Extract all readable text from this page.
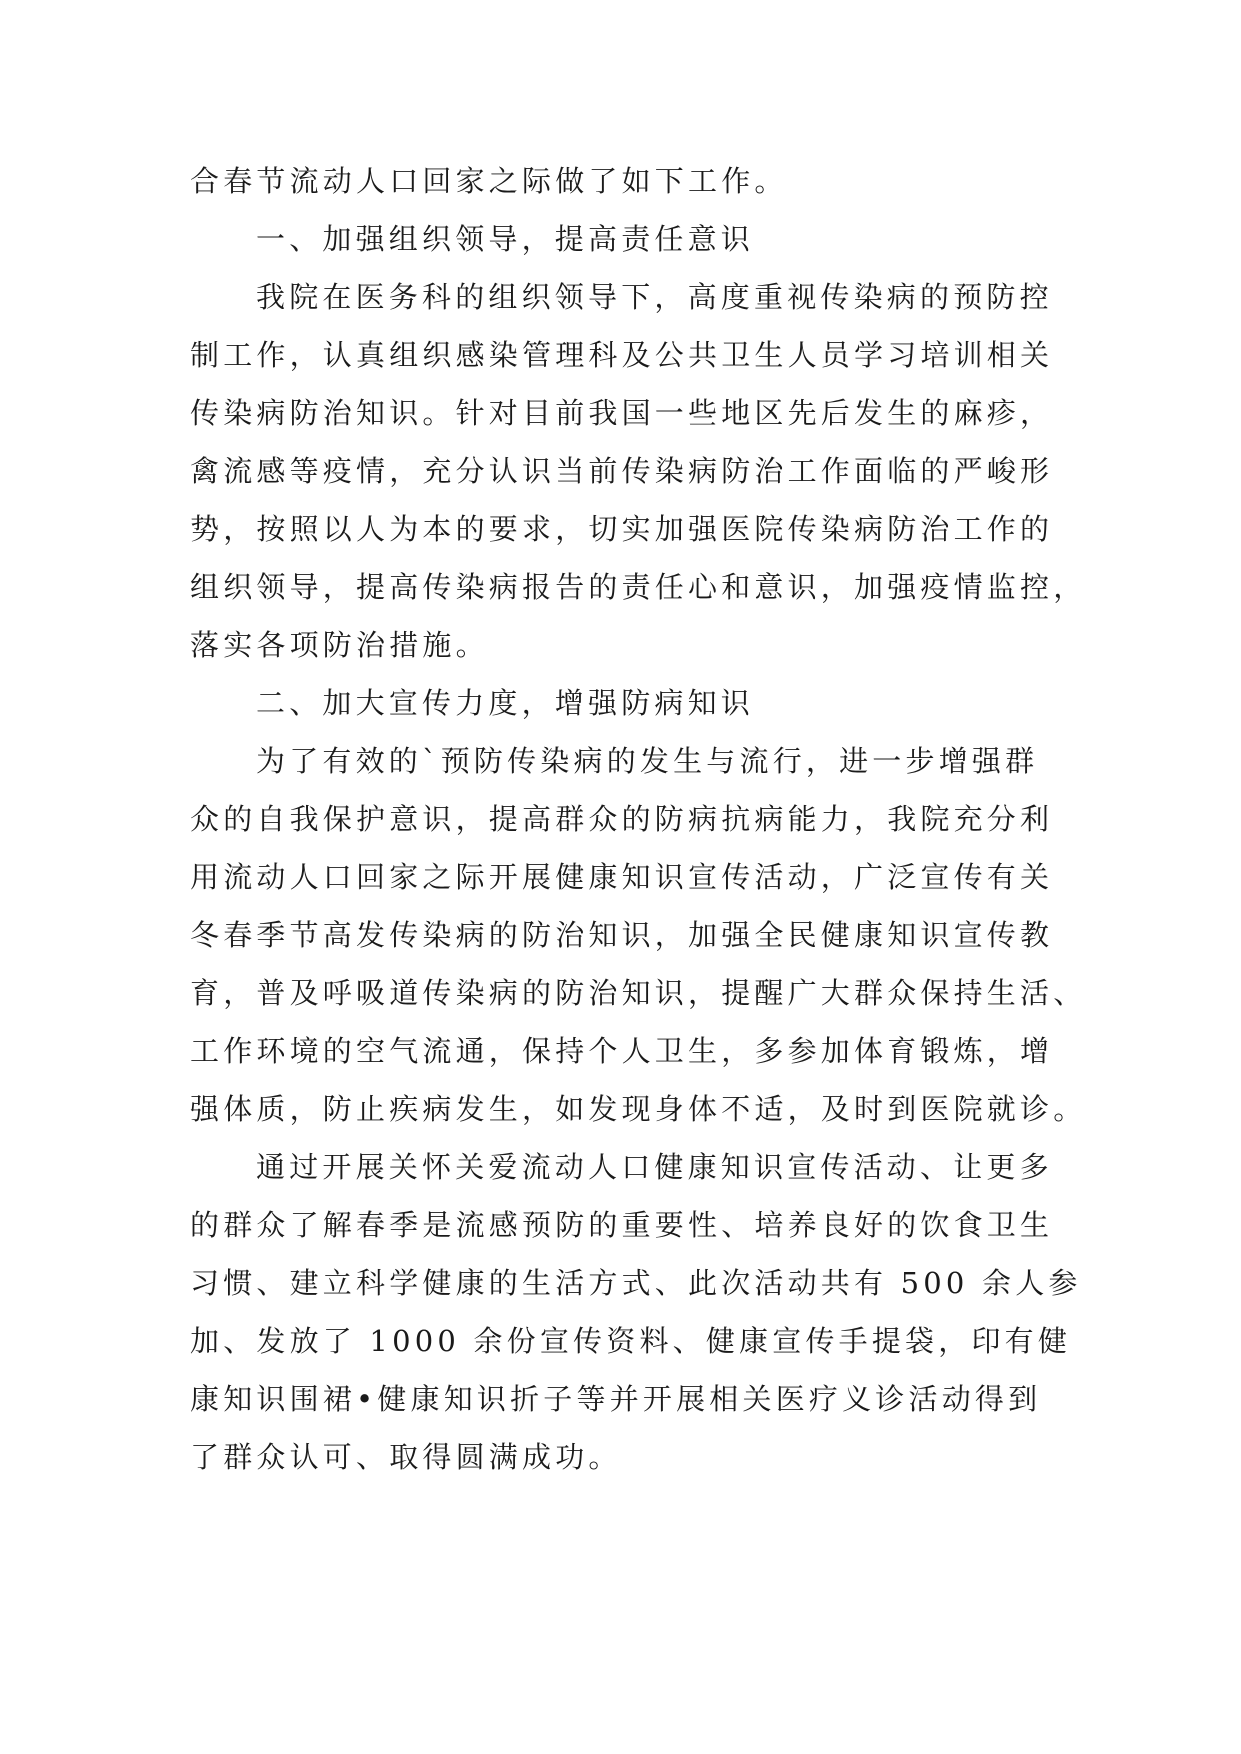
合春节流动人口回家之际做了如下工作。
一、加强组织领导，提高责任意识
我院在医务科的组织领导下，高度重视传染病的预防控
制工作，认真组织感染管理科及公共卫生人员学习培训相关
传染病防治知识。针对目前我国一些地区先后发生的麻疹，
禽流感等疫情，充分认识当前传染病防治工作面临的严峻形
势，按照以人为本的要求，切实加强医院传染病防治工作的
组织领导，提高传染病报告的责任心和意识，加强疫情监控，
落实各项防治措施。
二、加大宣传力度，增强防病知识
为了有效的`预防传染病的发生与流行，进一步增强群
众的自我保护意识，提高群众的防病抗病能力，我院充分利
用流动人口回家之际开展健康知识宣传活动，广泛宣传有关
冬春季节高发传染病的防治知识，加强全民健康知识宣传教
育，普及呼吸道传染病的防治知识，提醒广大群众保持生活、
工作环境的空气流通，保持个人卫生，多参加体育锻炼，增
强体质，防止疾病发生，如发现身体不适，及时到医院就诊。
通过开展关怀关爱流动人口健康知识宣传活动、让更多
的群众了解春季是流感预防的重要性、培养良好的饮食卫生
习惯、建立科学健康的生活方式、此次活动共有 500 余人参
加、发放了 1000 余份宣传资料、健康宣传手提袋，印有健
康知识围裙•健康知识折子等并开展相关医疗义诊活动得到
了群众认可、取得圆满成功。
